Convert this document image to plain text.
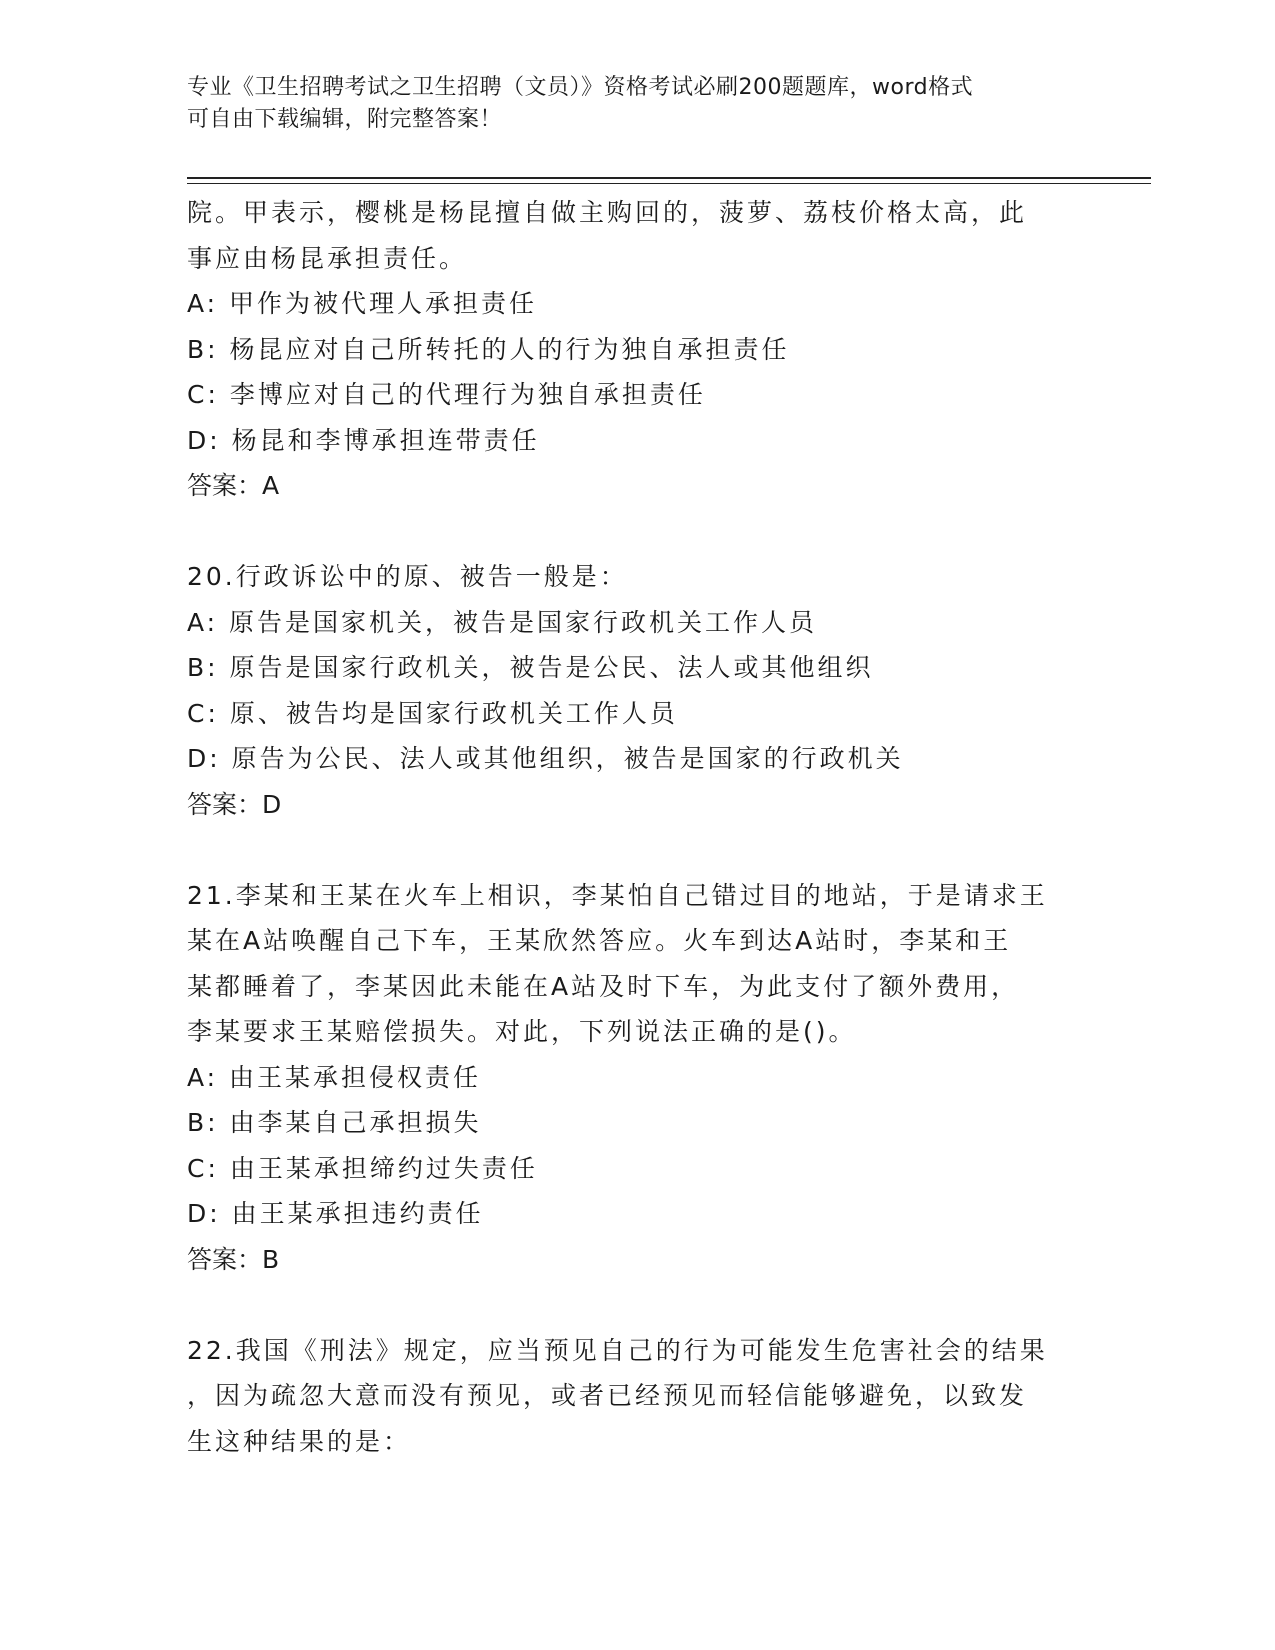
专业《卫生招聘考试之卫生招聘（文员）》资格考试必刷200题题库，word格式

可自由下载编辑，附完整答案！

院。甲表示，樱桃是杨昆擅自做主购回的，菠萝、荔枝价格太高，此
事应由杨昆承担责任。
A: 甲作为被代理人承担责任
B: 杨昆应对自己所转托的人的行为独自承担责任
C: 李博应对自己的代理行为独自承担责任
D: 杨昆和李博承担连带责任
答案：A
20.行政诉讼中的原、被告一般是：
A: 原告是国家机关，被告是国家行政机关工作人员
B: 原告是国家行政机关，被告是公民、法人或其他组织
C: 原、被告均是国家行政机关工作人员
D: 原告为公民、法人或其他组织，被告是国家的行政机关
答案：D
21.李某和王某在火车上相识，李某怕自己错过目的地站，于是请求王
某在A站唤醒自己下车，王某欣然答应。火车到达A站时，李某和王
某都睡着了，李某因此未能在A站及时下车，为此支付了额外费用，
李某要求王某赔偿损失。对此，下列说法正确的是()。
A: 由王某承担侵权责任
B: 由李某自己承担损失
C: 由王某承担缔约过失责任
D: 由王某承担违约责任
答案：B
22.我国《刑法》规定，应当预见自己的行为可能发生危害社会的结果
，因为疏忽大意而没有预见，或者已经预见而轻信能够避免，以致发
生这种结果的是：
